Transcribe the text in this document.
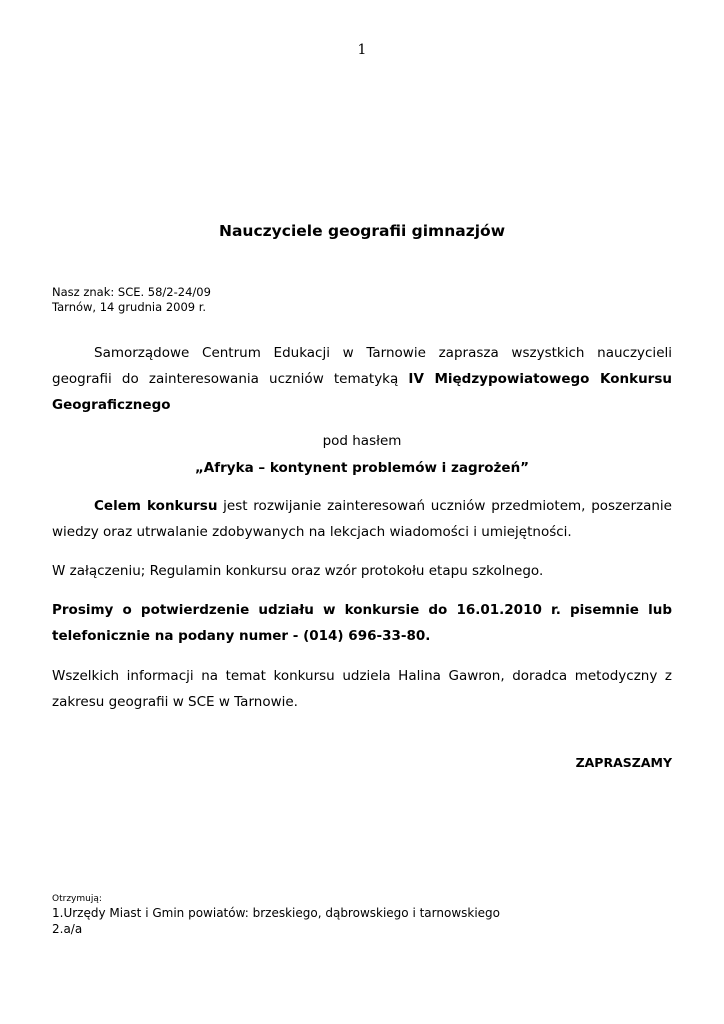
1
Nauczyciele geografii gimnazjów
Nasz znak: SCE. 58/2-24/09
Tarnów, 14 grudnia 2009 r.
Samorządowe Centrum Edukacji w Tarnowie zaprasza wszystkich nauczycieli geografii do zainteresowania uczniów tematyką IV Międzypowiatowego Konkursu Geograficznego
pod hasłem
„Afryka – kontynent problemów i zagrożeń”
Celem konkursu jest rozwijanie zainteresowań uczniów przedmiotem, poszerzanie wiedzy oraz utrwalanie zdobywanych na lekcjach wiadomości i umiejętności.
W załączeniu; Regulamin konkursu oraz wzór protokołu etapu szkolnego.
Prosimy o potwierdzenie udziału w konkursie do 16.01.2010 r. pisemnie lub telefonicznie na podany numer - (014) 696-33-80.
Wszelkich informacji na temat konkursu udziela Halina Gawron, doradca metodyczny z zakresu geografii w SCE w Tarnowie.
ZAPRASZAMY
Otrzymują:
1.Urzędy Miast i Gmin powiatów: brzeskiego, dąbrowskiego i tarnowskiego
2.a/a
